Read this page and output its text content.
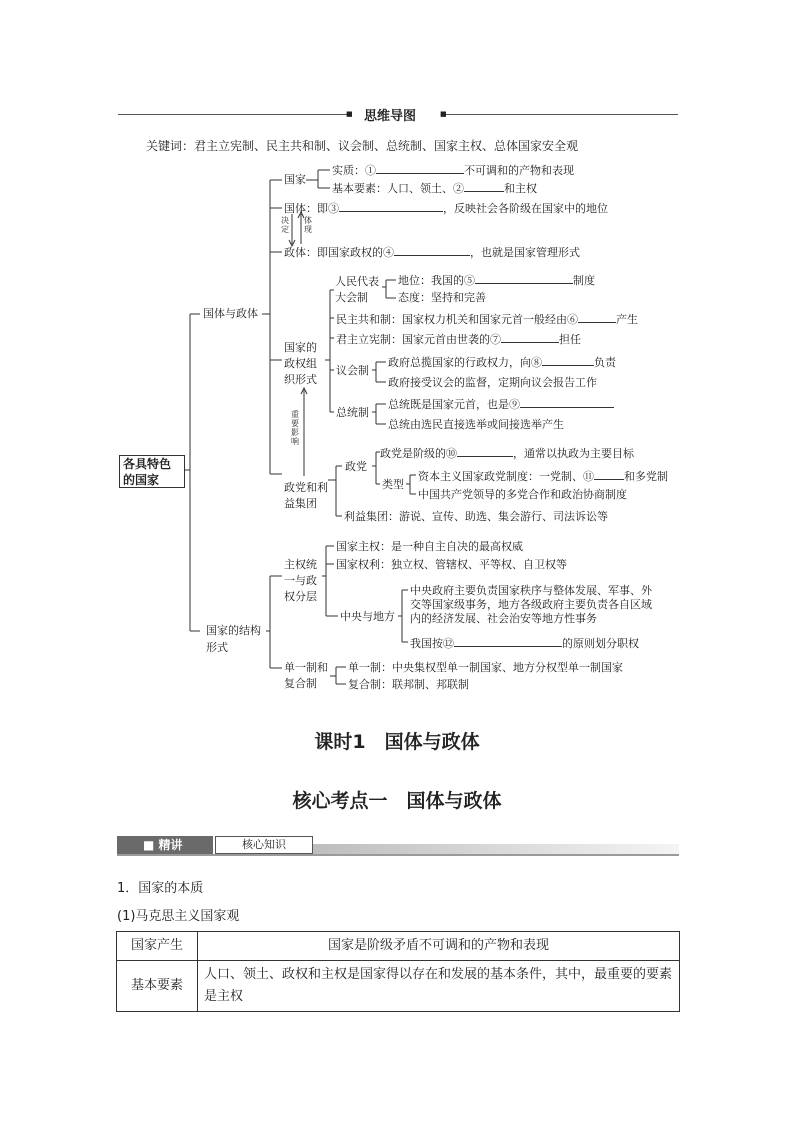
■ 思维导图	■
关键词：君主立宪制、民主共和制、议会制、总统制、国家主权、总体国家安全观
各具特色
的国家
国体与政体
国家的结构
形式
国家
实质：①	不可调和的产物和表现
基本要素：人口、领土、②	和主权
国体：即③	，反映社会各阶级在国家中的地位
决定
体现
政体：即国家政权的④	，也就是国家管理形式
国家的
政权组
织形式
人民代表
大会制
地位：我国的⑤	制度
态度：坚持和完善
民主共和制：国家权力机关和国家元首一般经由⑥	产生
君主立宪制：国家元首由世袭的⑦	担任
议会制
政府总揽国家的行政权力，向⑧	负责
政府接受议会的监督，定期向议会报告工作
总统制
总统既是国家元首，也是⑨
总统由选民直接选举或间接选举产生
重要影响
政党和利
益集团
政党
政党是阶级的⑩	，通常以执政为主要目标
类型
资本主义国家政党制度：一党制、⑪	和多党制
中国共产党领导的多党合作和政治协商制度
利益集团：游说、宣传、助选、集会游行、司法诉讼等
主权统
一与政
权分层
国家主权：是一种自主自决的最高权威
国家权利：独立权、管辖权、平等权、自卫权等
中央与地方
中央政府主要负责国家秩序与整体发展、军事、外
交等国家级事务，地方各级政府主要负责各自区域
内的经济发展、社会治安等地方性事务
我国按⑫	的原则划分职权
单一制和
复合制
单一制：中央集权型单一制国家、地方分权型单一制国家
复合制：联邦制、邦联制
课时1　国体与政体
核心考点一　国体与政体
■ 精讲	核心知识
1．国家的本质
(1)马克思主义国家观
国家产生	国家是阶级矛盾不可调和的产物和表现
基本要素	人口、领土、政权和主权是国家得以存在和发展的基本条件，其中，最重要的要素是主权
